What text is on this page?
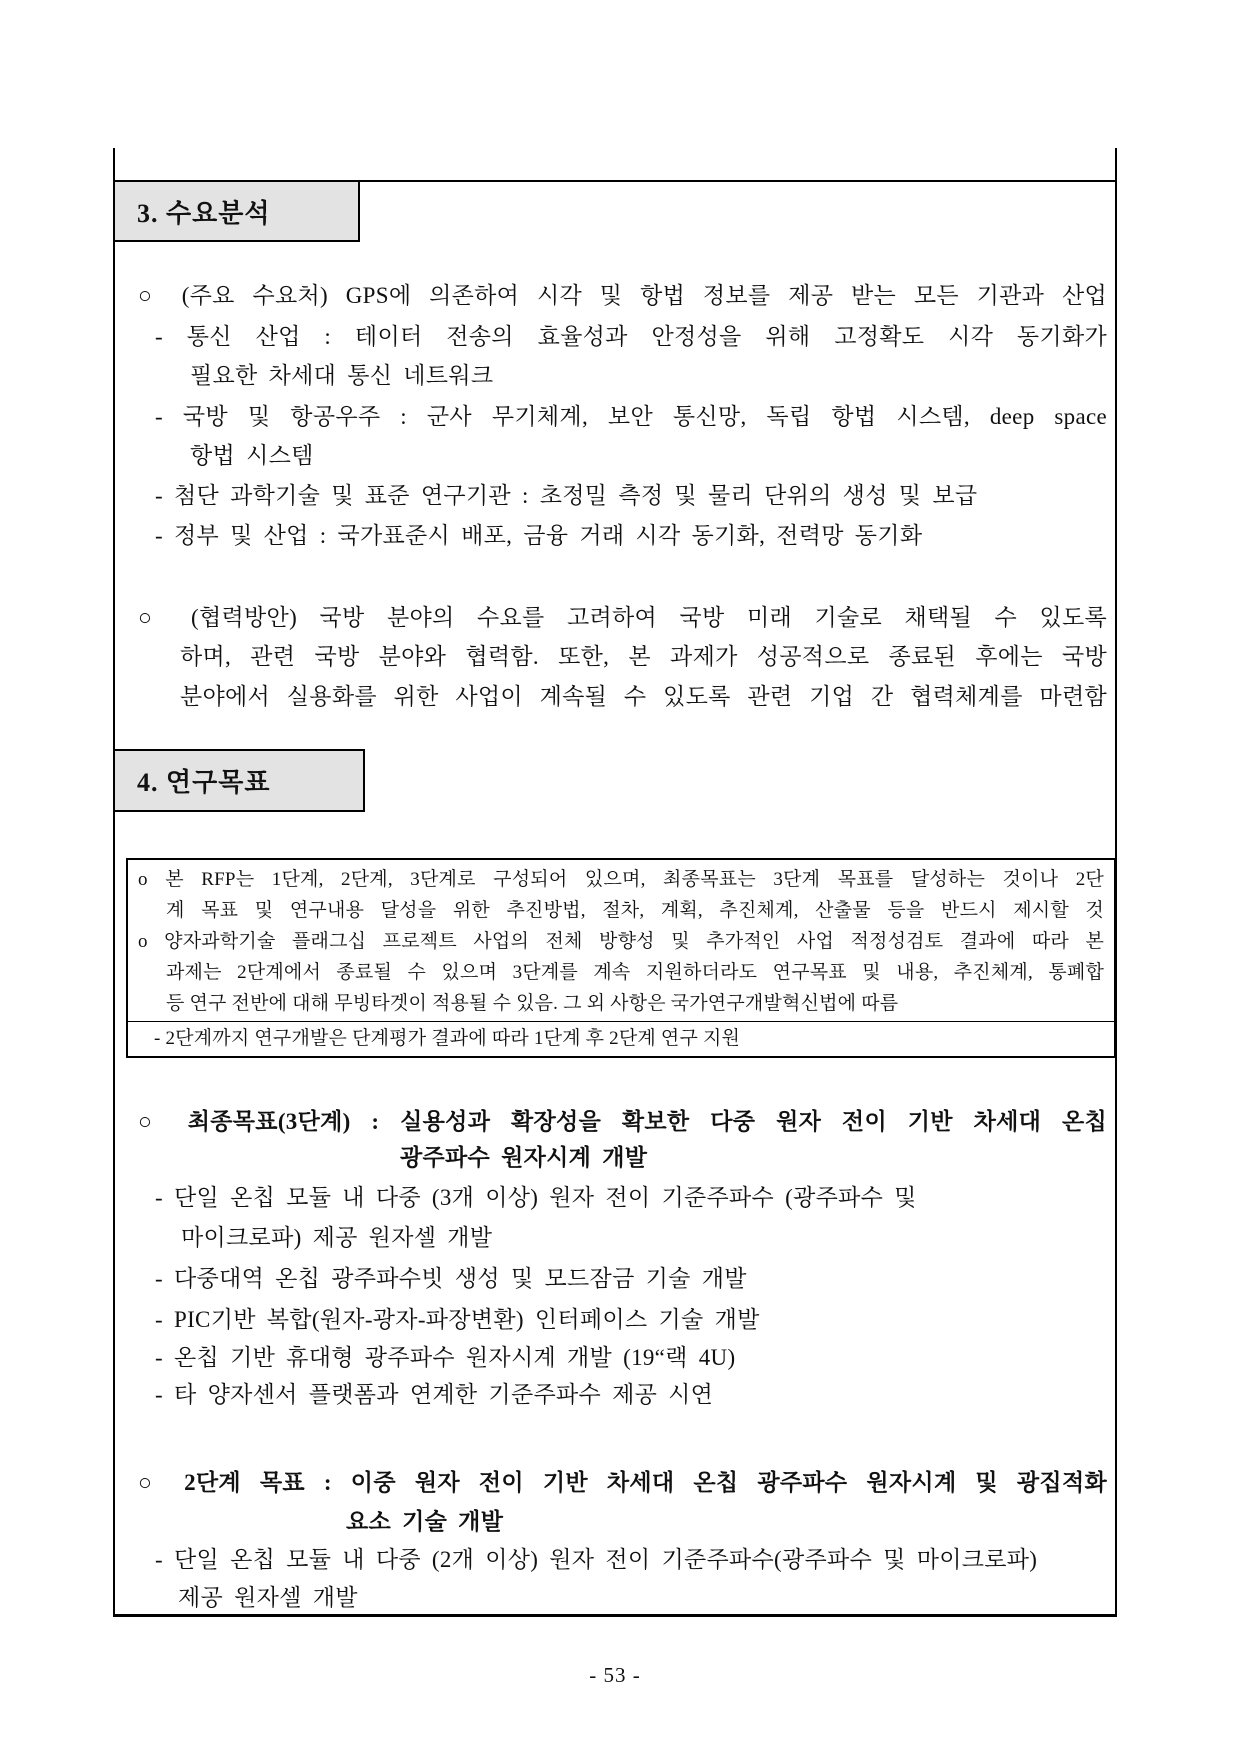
3. 수요분석
○ (주요 수요처) GPS에 의존하여 시각 및 항법 정보를 제공 받는 모든 기관과 산업
- 통신 산업 : 테이터 전송의 효율성과 안정성을 위해 고정확도 시각 동기화가
필요한 차세대 통신 네트워크
- 국방 및 항공우주 : 군사 무기체계, 보안 통신망, 독립 항법 시스템, deep space
항법 시스템
- 첨단 과학기술 및 표준 연구기관 : 초정밀 측정 및 물리 단위의 생성 및 보급
- 정부 및 산업 : 국가표준시 배포, 금융 거래 시각 동기화, 전력망 동기화
○ (협력방안) 국방 분야의 수요를 고려하여 국방 미래 기술로 채택될 수 있도록
하며, 관련 국방 분야와 협력함. 또한, 본 과제가 성공적으로 종료된 후에는 국방
분야에서 실용화를 위한 사업이 계속될 수 있도록 관련 기업 간 협력체계를 마련함
4. 연구목표
o 본 RFP는 1단계, 2단계, 3단계로 구성되어 있으며, 최종목표는 3단계 목표를 달성하는 것이나 2단
계 목표 및 연구내용 달성을 위한 추진방법, 절차, 계획, 추진체계, 산출물 등을 반드시 제시할 것
o 양자과학기술 플래그십 프로젝트 사업의 전체 방향성 및 추가적인 사업 적정성검토 결과에 따라 본
과제는 2단계에서 종료될 수 있으며 3단계를 계속 지원하더라도 연구목표 및 내용, 추진체계, 통폐합
등 연구 전반에 대해 무빙타겟이 적용될 수 있음. 그 외 사항은 국가연구개발혁신법에 따름
- 2단계까지 연구개발은 단계평가 결과에 따라 1단계 후 2단계 연구 지원
○ 최종목표(3단계) : 실용성과 확장성을 확보한 다중 원자 전이 기반 차세대 온칩
광주파수 원자시계 개발
- 단일 온칩 모듈 내 다중 (3개 이상) 원자 전이 기준주파수 (광주파수 및
마이크로파) 제공 원자셀 개발
- 다중대역 온칩 광주파수빗 생성 및 모드잠금 기술 개발
- PIC기반 복합(원자-광자-파장변환) 인터페이스 기술 개발
- 온칩 기반 휴대형 광주파수 원자시계 개발 (19“랙 4U)
- 타 양자센서 플랫폼과 연계한 기준주파수 제공 시연
○ 2단계 목표 : 이중 원자 전이 기반 차세대 온칩 광주파수 원자시계 및 광집적화
요소 기술 개발
- 단일 온칩 모듈 내 다중 (2개 이상) 원자 전이 기준주파수(광주파수 및 마이크로파)
제공 원자셀 개발
- 53 -
